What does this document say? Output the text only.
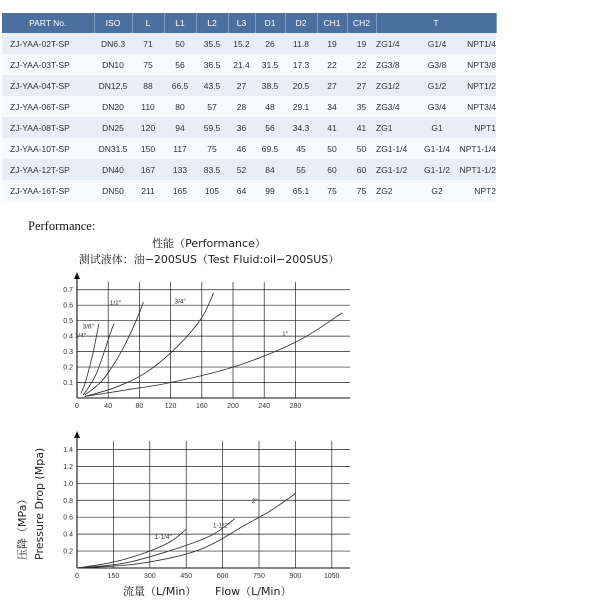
PART No.	ISO	L	L1	L2	L3	D1	D2	CH1	CH2	T
ZJ-YAA-02T-SP	DN6.3	71	50	35.5	15.2	26	11.8	19	19	ZG1/4 G1/4 NPT1/4
ZJ-YAA-03T-SP	DN10	75	56	36.5	21.4	31.5	17.3	22	22	ZG3/8 G3/8 NPT3/8
ZJ-YAA-04T-SP	DN12.5	88	66.5	43.5	27	38.5	20.5	27	27	ZG1/2 G1/2 NPT1/2
ZJ-YAA-06T-SP	DN20	110	80	57	28	48	29.1	34	35	ZG3/4 G3/4 NPT3/4
ZJ-YAA-08T-SP	DN25	120	94	59.5	36	56	34.3	41	41	ZG1 G1 NPT1
ZJ-YAA-10T-SP	DN31.5	150	117	75	46	69.5	45	50	50	ZG1-1/4 G1-1/4 NPT1-1/4
ZJ-YAA-12T-SP	DN40	167	133	83.5	52	84	55	60	60	ZG1-1/2 G1-1/2 NPT1-1/2
ZJ-YAA-16T-SP	DN50	211	165	105	64	99	65.1	75	75	ZG2 G2 NPT2
Performance:
性能（Performance）
测试液体：油−200SUS（Test Fluid:oil−200SUS）
0.1
0.2
0.3
0.4
0.5
0.6
0.7
0	40	80	120	160	200	240	280
1/4"
3/8"
1/2"	3/4"
1"
0.2
0.4
0.6
0.8
1.0
1.2
1.4
0	150	300	450	600	750	900	1050
1-1/4"
1-1/2"
2"
压降（MPa） Pressure Drop (Mpa)
流量（L/Min） Flow（L/Min）
